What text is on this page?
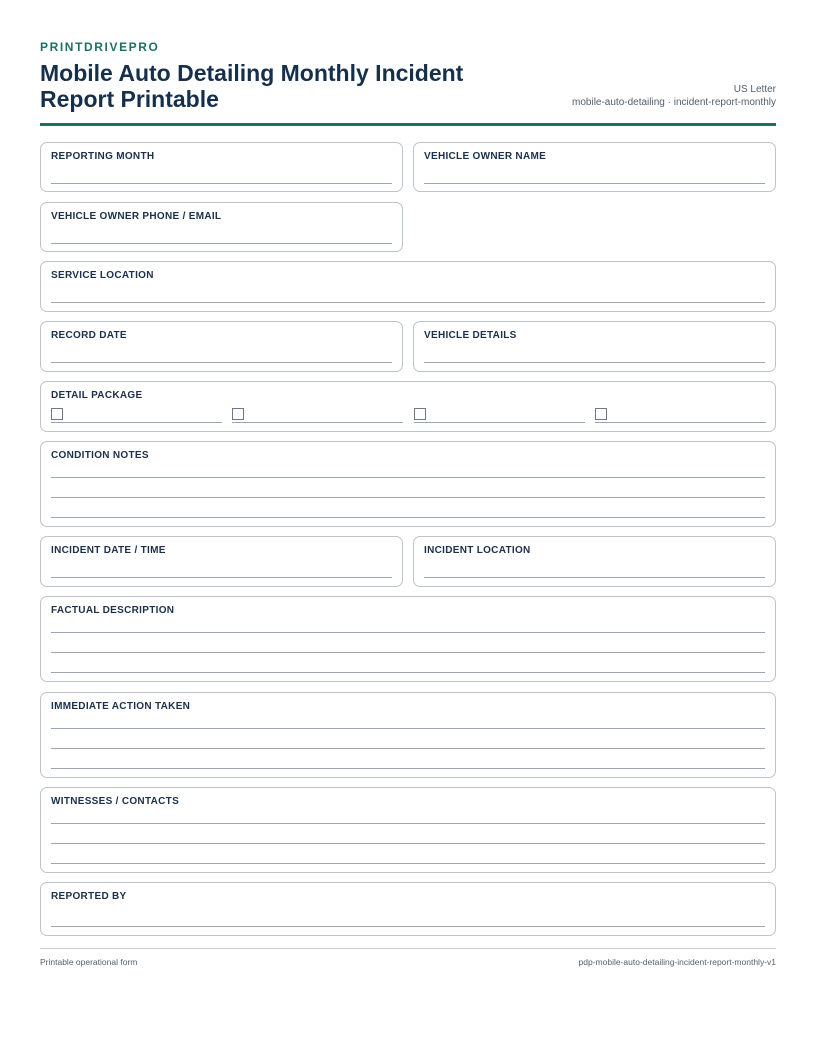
PRINTDRIVEPRO
Mobile Auto Detailing Monthly Incident Report Printable	US Letter
mobile-auto-detailing · incident-report-monthly
REPORTING MONTH	VEHICLE OWNER NAME
VEHICLE OWNER PHONE / EMAIL
SERVICE LOCATION
RECORD DATE	VEHICLE DETAILS
DETAIL PACKAGE
CONDITION NOTES
INCIDENT DATE / TIME	INCIDENT LOCATION
FACTUAL DESCRIPTION
IMMEDIATE ACTION TAKEN
WITNESSES / CONTACTS
REPORTED BY
Printable operational form	pdp-mobile-auto-detailing-incident-report-monthly-v1
